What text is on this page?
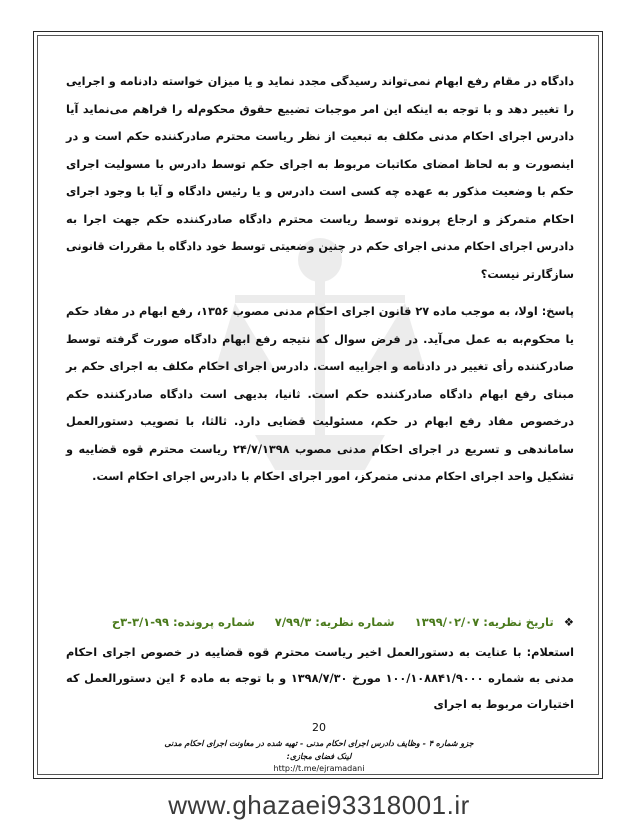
دادگاه در مقام رفع ابهام نمی‌تواند رسیدگی مجدد نماید و یا میزان خواسته دادنامه و اجرایی را تغییر دهد و با توجه به اینکه این امر موجبات تضییع حقوق محکوم‌له را فراهم می‌نماید آیا دادرس اجرای احکام مدنی مکلف به تبعیت از نظر ریاست محترم صادرکننده حکم است و در اینصورت و به لحاظ امضای مکاتبات مربوط به اجرای حکم توسط دادرس با مسولیت اجرای حکم با وضعیت مذکور به عهده چه کسی است دادرس و یا رئیس دادگاه و آیا با وجود اجرای احکام متمرکز و ارجاع پرونده توسط ریاست محترم دادگاه صادرکننده حکم جهت اجرا به دادرس اجرای احکام مدنی اجرای حکم در چنین وضعیتی توسط خود دادگاه با مقررات قانونی سازگارتر نیست؟

پاسخ: اولا، به موجب ماده ۲۷ قانون اجرای احکام مدنی مصوب ۱۳۵۶، رفع ابهام در مفاد حکم یا محکوم‌به به عمل می‌آید. در فرض سوال که نتیجه رفع ابهام دادگاه صورت گرفته توسط صادرکننده رأی تغییر در دادنامه و اجراییه است. دادرس اجرای احکام مکلف به اجرای حکم بر مبنای رفع ابهام دادگاه صادرکننده حکم است. ثانیا، بدیهی است دادگاه صادرکننده حکم درخصوص مفاد رفع ابهام در حکم، مسئولیت قضایی دارد. ثالثا، با تصویب دستورالعمل ساماندهی و تسریع در اجرای احکام مدنی مصوب ۲۴/۷/۱۳۹۸ ریاست محترم قوه قضاییه و تشکیل واحد اجرای احکام مدنی متمرکز، امور اجرای احکام با دادرس اجرای احکام است.

❖ تاریخ نظریه: ۱۳۹۹/۰۲/۰۷  شماره نظریه: ۷/۹۹/۳  شماره پرونده: ۹۹-۳/۱-۳ح

استعلام: با عنایت به دستورالعمل اخیر ریاست محترم قوه قضاییه در خصوص اجرای احکام مدنی به شماره ۱۰۰/۱۰۸۸۴۱/۹۰۰۰ مورخ ۱۳۹۸/۷/۳۰ و با توجه به ماده ۶ این دستورالعمل که اختیارات مربوط به اجرای

20
جزو شماره ۴ - وظایف دادرس اجرای احکام مدنی - تهیه شده در معاونت اجرای احکام مدنی
لینک فضای مجازی:
http://t.me/ejramadani
www.ghazaei93318001.ir
